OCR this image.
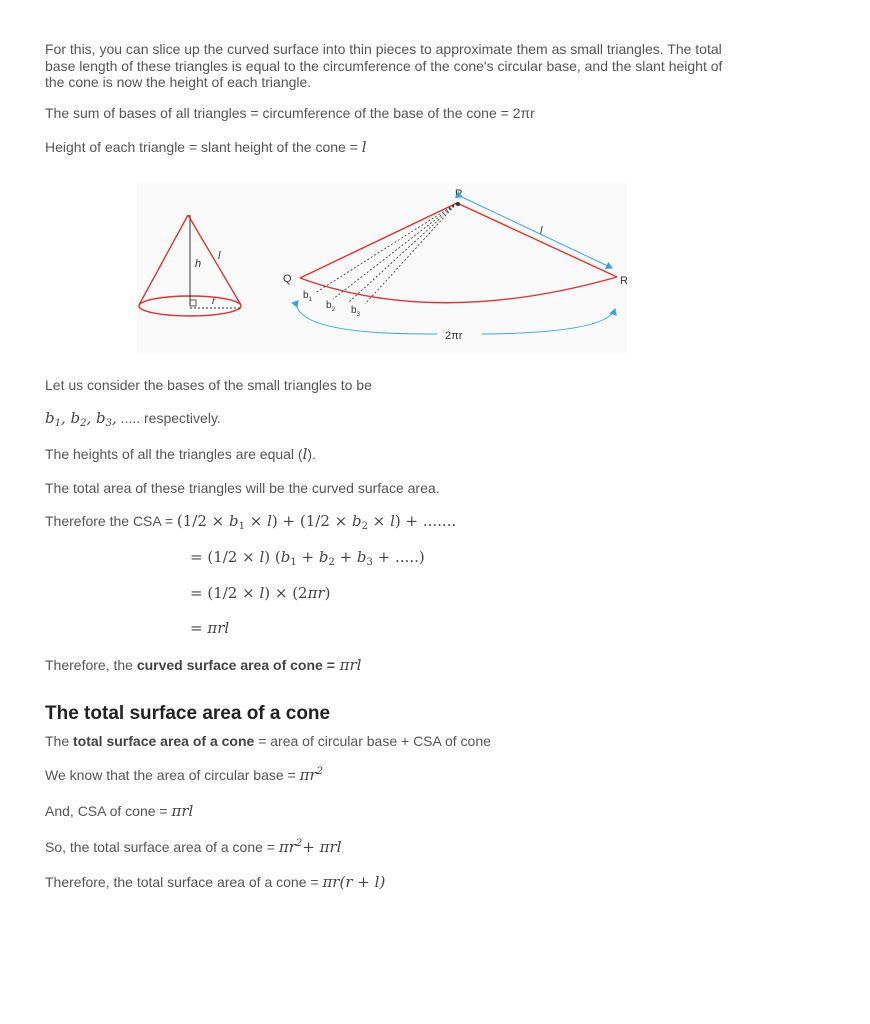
For this, you can slice up the curved surface into thin pieces to approximate them as small triangles. The total base length of these triangles is equal to the circumference of the cone's circular base, and the slant height of the cone is now the height of each triangle.

The sum of bases of all triangles = circumference of the base of the cone = 2πr

Height of each triangle = slant height of the cone = l

h
l
r
P
Q	R
l
$b_1$ $b_2$ $b_3$
2πr

Let us consider the bases of the small triangles to be

$b_1$, $b_2$, $b_3$, ..... respectively.

The heights of all the triangles are equal (l).

The total area of these triangles will be the curved surface area.

Therefore the CSA = $(1/2 \times b_1 \times l) + (1/2 \times b_2 \times l)$ + .......

= (1/2 × l) ($b_1 + b_2 + b_3$ + .....)

= (1/2 × l) × (2πr)

= πrl

Therefore, the curved surface area of cone = πrl

The total surface area of a cone

The total surface area of a cone = area of circular base + CSA of cone

We know that the area of circular base = $\pi r^2$

And, CSA of cone = πrl

So, the total surface area of a cone = $\pi r^2+ \pi rl$

Therefore, the total surface area of a cone = πr(r + l)
